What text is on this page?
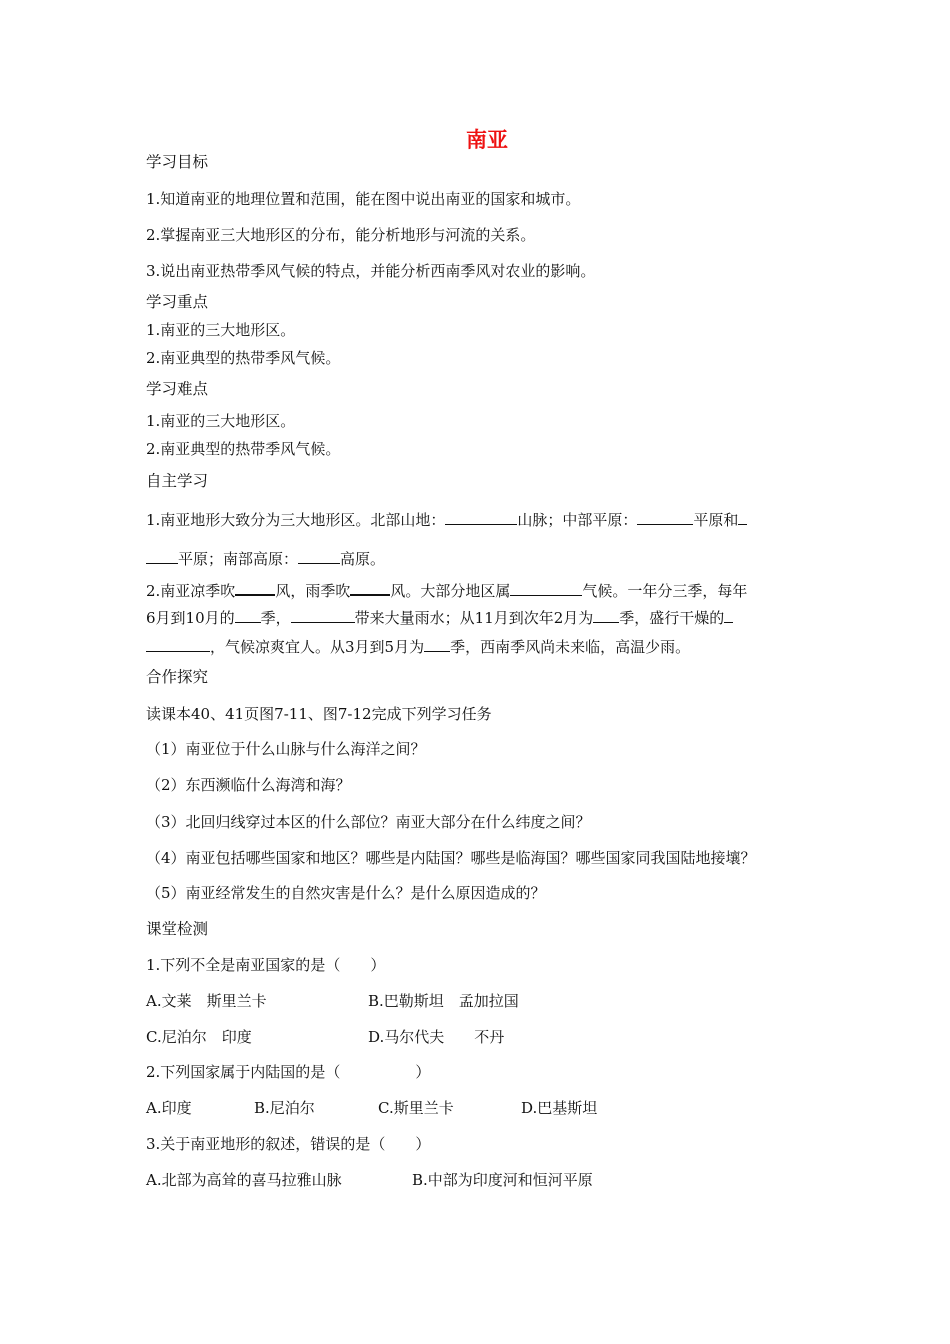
南亚
学习目标
1.知道南亚的地理位置和范围，能在图中说出南亚的国家和城市。
2.掌握南亚三大地形区的分布，能分析地形与河流的关系。
3.说出南亚热带季风气候的特点，并能分析西南季风对农业的影响。
学习重点
1.南亚的三大地形区。
2.南亚典型的热带季风气候。
学习难点
1.南亚的三大地形区。
2.南亚典型的热带季风气候。
自主学习
1.南亚地形大致分为三大地形区。北部山地：	山脉；中部平原：	平原和
平原；南部高原：	高原。
2.南亚凉季吹	风，雨季吹	风。大部分地区属	气候。一年分三季，每年
6月到10月的 季，	带来大量雨水；从11月到次年2月为 季，盛行干燥的
，气候凉爽宜人。从3月到5月为 季，西南季风尚未来临，高温少雨。
合作探究
读课本40、41页图7-11、图7-12完成下列学习任务
（1）南亚位于什么山脉与什么海洋之间？
（2）东西濒临什么海湾和海？
（3）北回归线穿过本区的什么部位？南亚大部分在什么纬度之间？
（4）南亚包括哪些国家和地区？哪些是内陆国？哪些是临海国？哪些国家同我国陆地接壤？
（5）南亚经常发生的自然灾害是什么？是什么原因造成的？
课堂检测
1.下列不全是南亚国家的是（　　）
A.文莱　斯里兰卡	B.巴勒斯坦　孟加拉国
C.尼泊尔　印度	D.马尔代夫　　不丹
2.下列国家属于内陆国的是（　　　　　）
A.印度	B.尼泊尔	C.斯里兰卡	D.巴基斯坦
3.关于南亚地形的叙述，错误的是（　　）
A.北部为高耸的喜马拉雅山脉	B.中部为印度河和恒河平原
